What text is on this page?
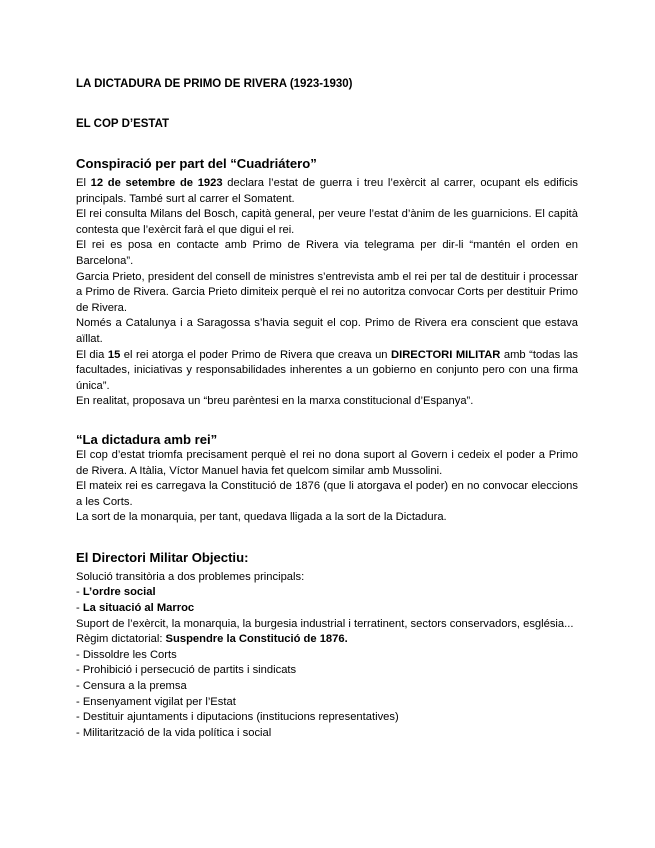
LA DICTADURA DE PRIMO DE RIVERA (1923-1930)
EL COP D’ESTAT
Conspiració per part del “Cuadriátero”

El 12 de setembre de 1923 declara l’estat de guerra i treu l’exèrcit al carrer, ocupant els edificis principals. També surt al carrer el Somatent.

El rei consulta Milans del Bosch, capità general, per veure l’estat d’ànim de les guarnicions. El capità contesta que l’exèrcit farà el que digui el rei.

El rei es posa en contacte amb Primo de Rivera via telegrama per dir-li “mantén el orden en Barcelona”.

Garcia Prieto, president del consell de ministres s’entrevista amb el rei per tal de destituir i processar a Primo de Rivera. Garcia Prieto dimiteix perquè el rei no autoritza convocar Corts per destituir Primo de Rivera.

Només a Catalunya i a Saragossa s’havia seguit el cop. Primo de Rivera era conscient que estava aïllat.

El dia 15 el rei atorga el poder Primo de Rivera que creava un DIRECTORI MILITAR amb “todas las facultades, iniciativas y responsabilidades inherentes a un gobierno en conjunto pero con una firma única”.

En realitat, proposava un “breu parèntesi en la marxa constitucional d’Espanya”.

“La dictadura amb rei”

El cop d’estat triomfa precisament perquè el rei no dona suport al Govern i cedeix el poder a Primo de Rivera. A Itàlia, Víctor Manuel havia fet quelcom similar amb Mussolini.

El mateix rei es carregava la Constitució de 1876 (que li atorgava el poder) en no convocar eleccions a les Corts.

La sort de la monarquia, per tant, quedava lligada a la sort de la Dictadura.

El Directori Militar Objectiu:

Solució transitòria a dos problemes principals:

- L’ordre social
- La situació al Marroc

Suport de l’exèrcit, la monarquia, la burgesia industrial i terratinent, sectors conservadors, església...

Règim dictatorial: Suspendre la Constitució de 1876.

- Dissoldre les Corts
- Prohibició i persecució de partits i sindicats
- Censura a la premsa
- Ensenyament vigilat per l’Estat
- Destituir ajuntaments i diputacions (institucions representatives)
- Militarització de la vida política i social
